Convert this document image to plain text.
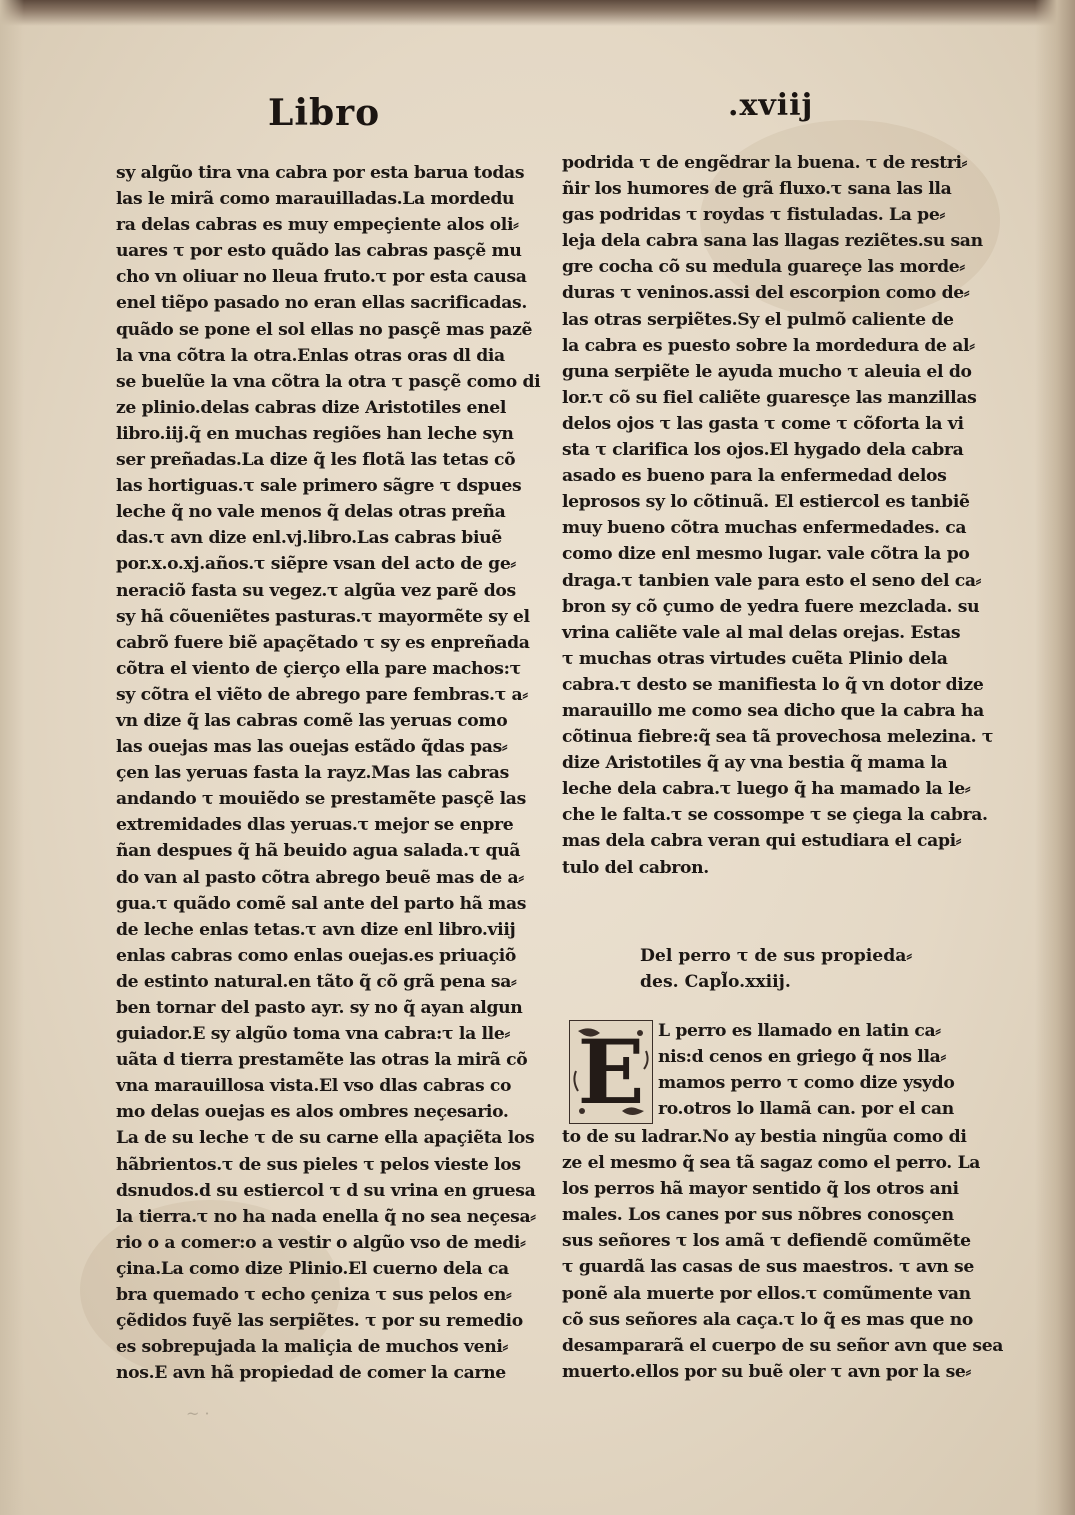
Libro	.xviij
sy algũo tira vna cabra por esta barua todas
las le mirã como marauilladas.La mordedu
ra delas cabras es muy empeçiente alos oli⸗
uares τ por esto quãdo las cabras pasçẽ mu
cho vn oliuar no lleua fruto.τ por esta causa
enel tiẽpo pasado no eran ellas sacrificadas.
quãdo se pone el sol ellas no pasçẽ mas pazẽ
la vna cõtra la otra.Enlas otras oras dl dia
se buelũe la vna cõtra la otra τ pasçẽ como di
ze plinio.delas cabras dize Aristotiles enel
libro.iij.q̃ en muchas regiões han leche syn
ser preñadas.La dize q̃ les flotã las tetas cõ
las hortiguas.τ sale primero sãgre τ dspues
leche q̃ no vale menos q̃ delas otras preña
das.τ avn dize enl.vj.libro.Las cabras biuẽ
por.x.o.xj.años.τ siẽpre vsan del acto de ge⸗
neraciõ fasta su vegez.τ algũa vez parẽ dos
sy hã cõueniẽtes pasturas.τ mayormẽte sy el
cabrõ fuere biẽ apaçẽtado τ sy es enpreñada
cõtra el viento de çierço ella pare machos:τ
sy cõtra el viẽto de abrego pare fembras.τ a⸗
vn dize q̃ las cabras comẽ las yeruas como
las ouejas mas las ouejas estãdo q̃das pas⸗
çen las yeruas fasta la rayz.Mas las cabras
andando τ mouiẽdo se prestamẽte pasçẽ las
extremidades dlas yeruas.τ mejor se enpre
ñan despues q̃ hã beuido agua salada.τ quã
do van al pasto cõtra abrego beuẽ mas de a⸗
gua.τ quãdo comẽ sal ante del parto hã mas
de leche enlas tetas.τ avn dize enl libro.viij
enlas cabras como enlas ouejas.es priuaçiõ
de estinto natural.en tãto q̃ cõ grã pena sa⸗
ben tornar del pasto ayr. sy no q̃ ayan algun
guiador.E sy algũo toma vna cabra:τ la lle⸗
uãta d tierra prestamẽte las otras la mirã cõ
vna marauillosa vista.El vso dlas cabras co
mo delas ouejas es alos ombres neçesario.
La de su leche τ de su carne ella apaçiẽta los
hãbrientos.τ de sus pieles τ pelos vieste los
dsnudos.d su estiercol τ d su vrina en gruesa
la tierra.τ no ha nada enella q̃ no sea neçesa⸗
rio o a comer:o a vestir o algũo vso de medi⸗
çina.La como dize Plinio.El cuerno dela ca
bra quemado τ echo çeniza τ sus pelos en⸗
çẽdidos fuyẽ las serpiẽtes. τ por su remedio
es sobrepujada la maliçia de muchos veni⸗
nos.E avn hã propiedad de comer la carne
podrida τ de engẽdrar la buena. τ de restri⸗
ñir los humores de grã fluxo.τ sana las lla
gas podridas τ roydas τ fistuladas. La pe⸗
leja dela cabra sana las llagas reziẽtes.su san
gre cocha cõ su medula guareçe las morde⸗
duras τ veninos.assi del escorpion como de⸗
las otras serpiẽtes.Sy el pulmõ caliente de
la cabra es puesto sobre la mordedura de al⸗
guna serpiẽte le ayuda mucho τ aleuia el do
lor.τ cõ su fiel caliẽte guaresçe las manzillas
delos ojos τ las gasta τ come τ cõforta la vi
sta τ clarifica los ojos.El hygado dela cabra
asado es bueno para la enfermedad delos
leprosos sy lo cõtinuã. El estiercol es tanbiẽ
muy bueno cõtra muchas enfermedades. ca
como dize enl mesmo lugar. vale cõtra la po
draga.τ tanbien vale para esto el seno del ca⸗
bron sy cõ çumo de yedra fuere mezclada. su
vrina caliẽte vale al mal delas orejas. Estas
τ muchas otras virtudes cuẽta Plinio dela
cabra.τ desto se manifiesta lo q̃ vn dotor dize
marauillo me como sea dicho que la cabra ha
cõtinua fiebre:q̃ sea tã provechosa melezina. τ
dize Aristotiles q̃ ay vna bestia q̃ mama la
leche dela cabra.τ luego q̃ ha mamado la le⸗
che le falta.τ se cossompe τ se çiega la cabra.
mas dela cabra veran qui estudiara el capi⸗
tulo del cabron.
Del perro τ de sus propieda⸗
des. Capl̃o.xxiij.
E L perro es llamado en latin ca⸗
nis:d cenos en griego q̃ nos lla⸗
mamos perro τ como dize ysydo
ro.otros lo llamã can. por el can
to de su ladrar.No ay bestia ningũa como di
ze el mesmo q̃ sea tã sagaz como el perro. La
los perros hã mayor sentido q̃ los otros ani
males. Los canes por sus nõbres conosçen
sus señores τ los amã τ defiendẽ comũmẽte
τ guardã las casas de sus maestros. τ avn se
ponẽ ala muerte por ellos.τ comũmente van
cõ sus señores ala caça.τ lo q̃ es mas que no
desampararã el cuerpo de su señor avn que sea
muerto.ellos por su buẽ oler τ avn por la se⸗
~ ·
